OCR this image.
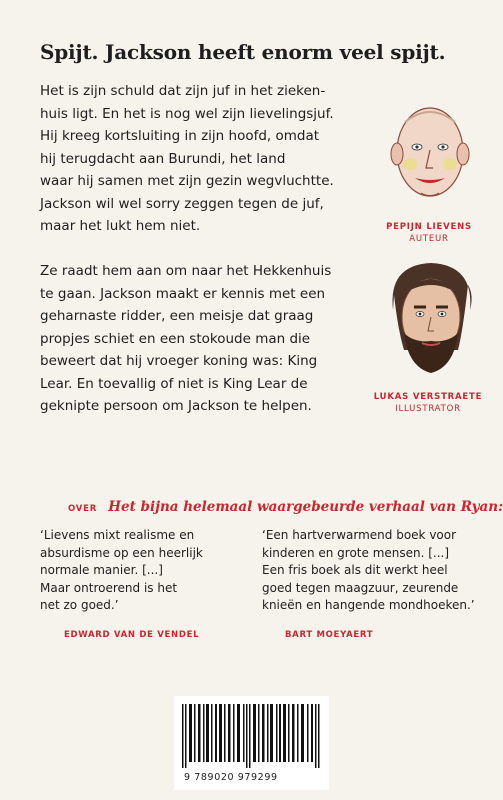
Spijt. Jackson heeft enorm veel spijt.
Het is zijn schuld dat zijn juf in het zieken-
huis ligt. En het is nog wel zijn lievelingsjuf.
Hij kreeg kortsluiting in zijn hoofd, omdat
hij terugdacht aan Burundi, het land
waar hij samen met zijn gezin wegvluchtte.
Jackson wil wel sorry zeggen tegen de juf,
maar het lukt hem niet.
Ze raadt hem aan om naar het Hekkenhuis
te gaan. Jackson maakt er kennis met een
geharnaste ridder, een meisje dat graag
propjes schiet en een stokoude man die
beweert dat hij vroeger koning was: King
Lear. En toevallig of niet is King Lear de
geknipte persoon om Jackson te helpen.
PEPIJN LIEVENS
AUTEUR
LUKAS VERSTRAETE
ILLUSTRATOR
OVER Het bijna helemaal waargebeurde verhaal van Ryan:
‘Lievens mixt realisme en
absurdisme op een heerlijk
normale manier. [...]
Maar ontroerend is het
net zo goed.’
‘Een hartverwarmend boek voor
kinderen en grote mensen. [...]
Een fris boek als dit werkt heel
goed tegen maagzuur, zeurende
knieën en hangende mondhoeken.’
EDWARD VAN DE VENDEL	BART MOEYAERT
9 789020 979299
